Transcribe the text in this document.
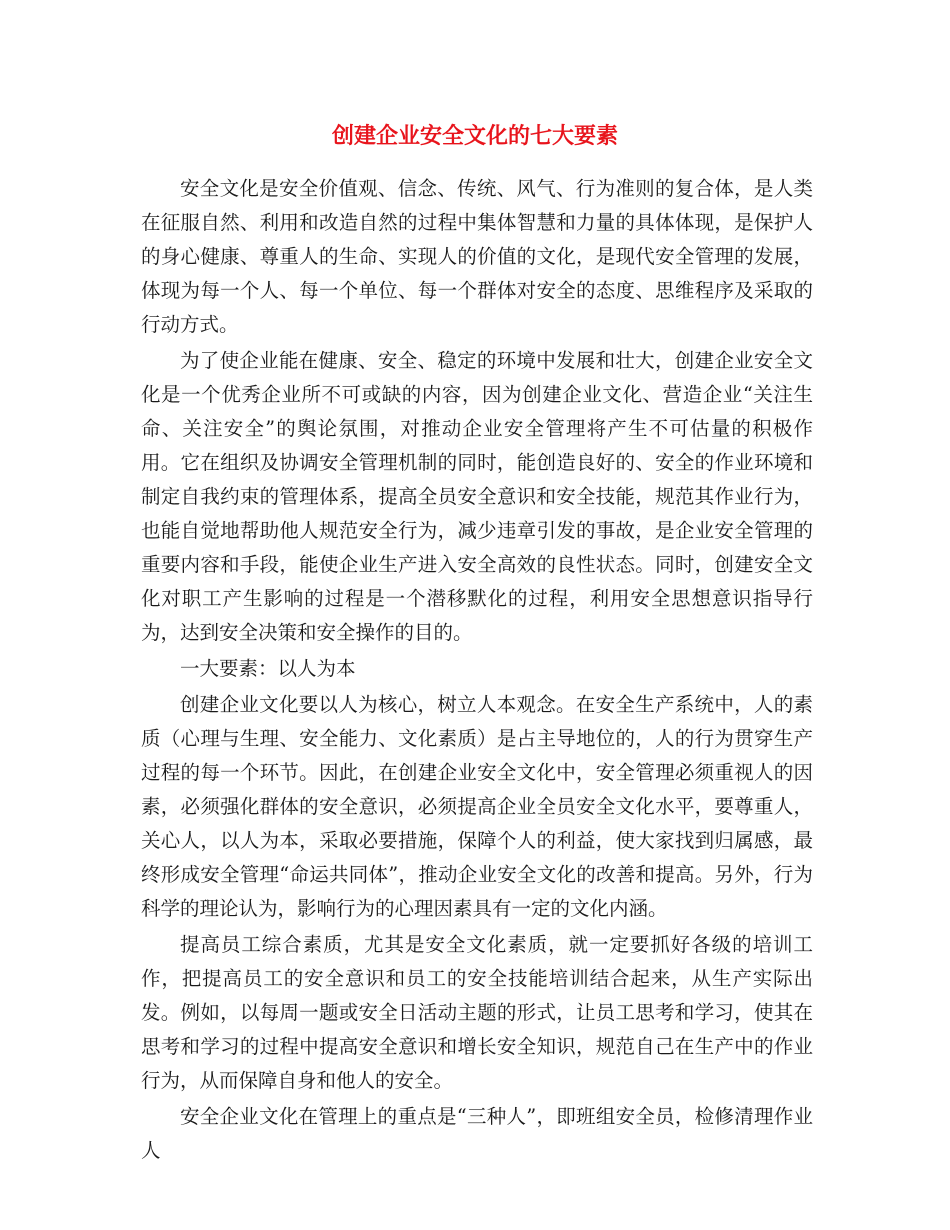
创建企业安全文化的七大要素

安全文化是安全价值观、信念、传统、风气、行为准则的复合体，是人类在征服自然、利用和改造自然的过程中集体智慧和力量的具体体现，是保护人的身心健康、尊重人的生命、实现人的价值的文化，是现代安全管理的发展，体现为每一个人、每一个单位、每一个群体对安全的态度、思维程序及采取的行动方式。

为了使企业能在健康、安全、稳定的环境中发展和壮大，创建企业安全文化是一个优秀企业所不可或缺的内容，因为创建企业文化、营造企业“关注生命、关注安全”的舆论氛围，对推动企业安全管理将产生不可估量的积极作用。它在组织及协调安全管理机制的同时，能创造良好的、安全的作业环境和制定自我约束的管理体系，提高全员安全意识和安全技能，规范其作业行为，也能自觉地帮助他人规范安全行为，减少违章引发的事故，是企业安全管理的重要内容和手段，能使企业生产进入安全高效的良性状态。同时，创建安全文化对职工产生影响的过程是一个潜移默化的过程，利用安全思想意识指导行为，达到安全决策和安全操作的目的。

一大要素：以人为本

创建企业文化要以人为核心，树立人本观念。在安全生产系统中，人的素质（心理与生理、安全能力、文化素质）是占主导地位的，人的行为贯穿生产过程的每一个环节。因此，在创建企业安全文化中，安全管理必须重视人的因素，必须强化群体的安全意识，必须提高企业全员安全文化水平，要尊重人，关心人，以人为本，采取必要措施，保障个人的利益，使大家找到归属感，最终形成安全管理“命运共同体”，推动企业安全文化的改善和提高。另外，行为科学的理论认为，影响行为的心理因素具有一定的文化内涵。

提高员工综合素质，尤其是安全文化素质，就一定要抓好各级的培训工作，把提高员工的安全意识和员工的安全技能培训结合起来，从生产实际出发。例如，以每周一题或安全日活动主题的形式，让员工思考和学习，使其在思考和学习的过程中提高安全意识和增长安全知识，规范自己在生产中的作业行为，从而保障自身和他人的安全。

安全企业文化在管理上的重点是“三种人”，即班组安全员，检修清理作业人
